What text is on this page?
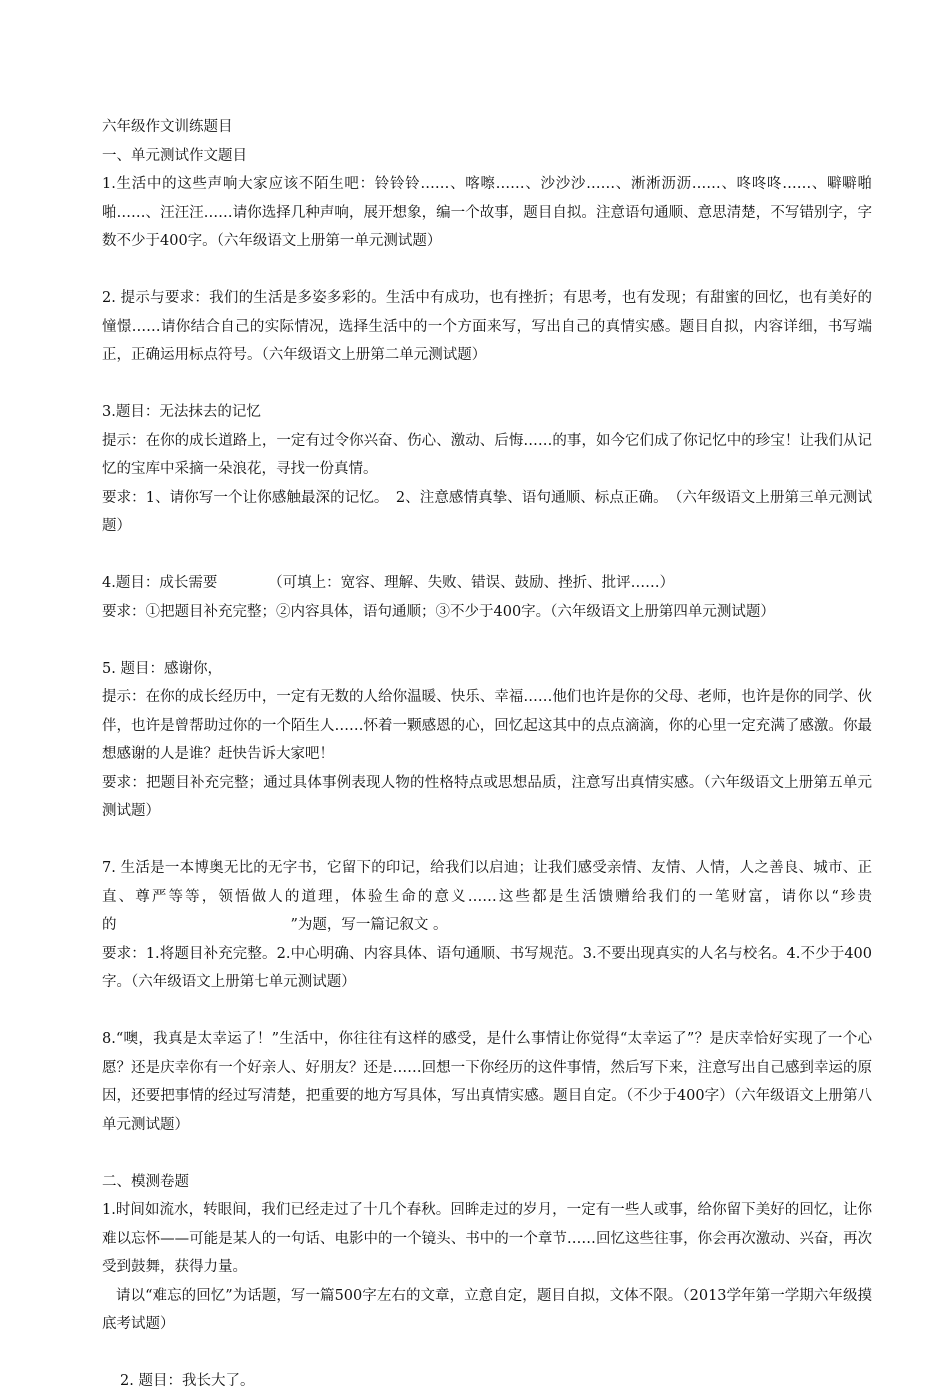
六年级作文训练题目

一、单元测试作文题目

1.生活中的这些声响大家应该不陌生吧：铃铃铃……、喀嚓……、沙沙沙……、淅淅沥沥……、咚咚咚……、噼噼啪啪……、汪汪汪……请你选择几种声响，展开想象，编一个故事，题目自拟。注意语句通顺、意思清楚，不写错别字，字数不少于400字。（六年级语文上册第一单元测试题）

2. 提示与要求：我们的生活是多姿多彩的。生活中有成功，也有挫折；有思考，也有发现；有甜蜜的回忆，也有美好的憧憬……请你结合自己的实际情况，选择生活中的一个方面来写，写出自己的真情实感。题目自拟，内容详细，书写端正，正确运用标点符号。（六年级语文上册第二单元测试题）

3.题目：无法抹去的记忆

提示：在你的成长道路上，一定有过令你兴奋、伤心、激动、后悔……的事，如今它们成了你记忆中的珍宝！让我们从记忆的宝库中采摘一朵浪花，寻找一份真情。

要求：1、请你写一个让你感触最深的记忆。　2、注意感情真挚、语句通顺、标点正确。　（六年级语文上册第三单元测试题）

4.题目：成长需要　　　　（可填上：宽容、理解、失败、错误、鼓励、挫折、批评……）

要求：①把题目补充完整；②内容具体，语句通顺；③不少于400字。（六年级语文上册第四单元测试题）

5. 题目：感谢你，

提示：在你的成长经历中，一定有无数的人给你温暖、快乐、幸福……他们也许是你的父母、老师，也许是你的同学、伙伴，也许是曾帮助过你的一个陌生人……怀着一颗感恩的心，回忆起这其中的点点滴滴，你的心里一定充满了感激。你最想感谢的人是谁？赶快告诉大家吧！

要求：把题目补充完整；通过具体事例表现人物的性格特点或思想品质，注意写出真情实感。（六年级语文上册第五单元测试题）

7. 生活是一本博奥无比的无字书，它留下的印记，给我们以启迪；让我们感受亲情、友情、人情，人之善良、城市、正直、尊严等等，领悟做人的道理，体验生命的意义……这些都是生活馈赠给我们的一笔财富，请你以“珍贵的　　　　　　　　　　　　”为题，写一篇记叙文 。

要求：1.将题目补充完整。2.中心明确、内容具体、语句通顺、书写规范。3.不要出现真实的人名与校名。4.不少于400字。（六年级语文上册第七单元测试题）

8.“噢，我真是太幸运了！”生活中，你往往有这样的感受，是什么事情让你觉得“太幸运了”？是庆幸恰好实现了一个心愿？还是庆幸你有一个好亲人、好朋友？还是……回想一下你经历的这件事情，然后写下来，注意写出自己感到幸运的原因，还要把事情的经过写清楚，把重要的地方写具体，写出真情实感。题目自定。（不少于400字）（六年级语文上册第八单元测试题）

二、模测卷题

1.时间如流水，转眼间，我们已经走过了十几个春秋。回眸走过的岁月，一定有一些人或事，给你留下美好的回忆，让你难以忘怀——可能是某人的一句话、电影中的一个镜头、书中的一个章节……回忆这些往事，你会再次激动、兴奋，再次受到鼓舞，获得力量。

请以“难忘的回忆”为话题，写一篇500字左右的文章，立意自定，题目自拟，文体不限。（2013学年第一学期六年级摸底考试题）

2. 题目：我长大了。
